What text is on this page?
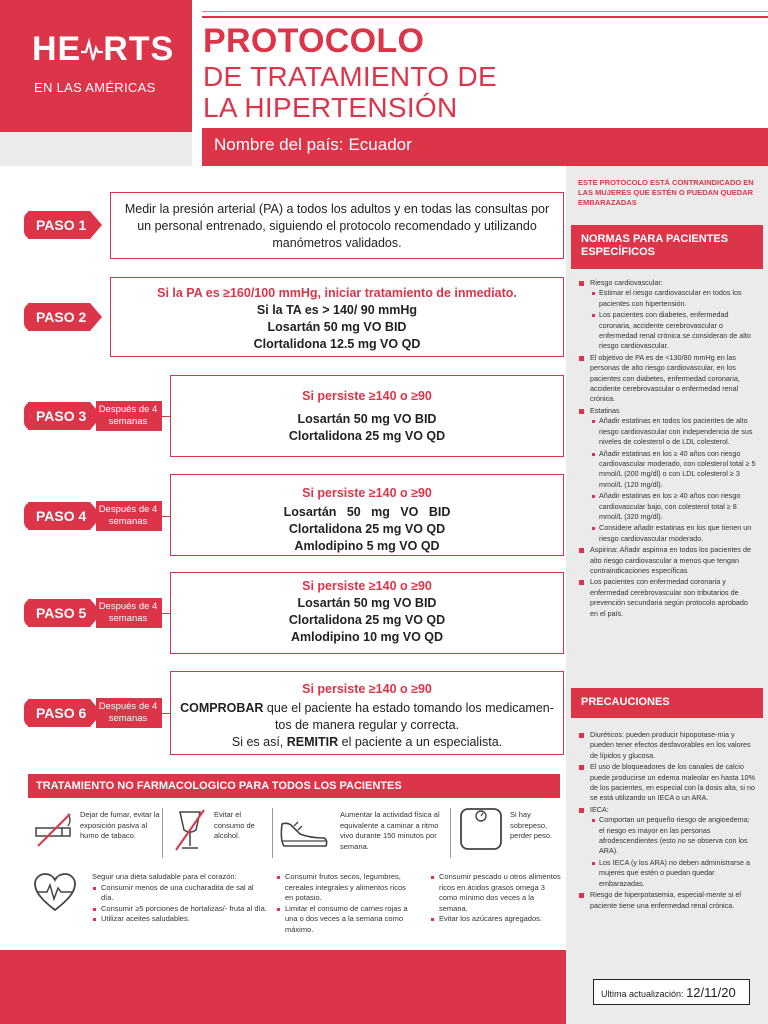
HE RTS
EN LAS AMÉRICAS
PROTOCOLO
DE TRATAMIENTO DE
LA HIPERTENSIÓN
Nombre del país: Ecuador
PASO 1
Medir la presión arterial (PA) a todos los adultos y en todas las consultas por
un personal entrenado, siguiendo el protocolo recomendado y utilizando
manómetros validados.
PASO 2
Si la PA es ≥160/100 mmHg, iniciar tratamiento de inmediato.
Si la TA es > 140/ 90 mmHg
Losartán 50 mg VO BID
Clortalidona 12.5 mg VO QD
PASO 3	Después de 4 semanas
Si persiste ≥140 o ≥90
Losartán 50 mg VO BID
Clortalidona 25 mg VO QD
PASO 4	Después de 4 semanas
Si persiste ≥140 o ≥90
Losartán   50   mg   VO   BID
Clortalidona 25 mg VO QD
Amlodipino 5 mg VO QD
PASO 5	Después de 4 semanas
Si persiste ≥140 o ≥90
Losartán 50 mg VO BID
Clortalidona 25 mg VO QD
Amlodipino 10 mg VO QD
PASO 6	Después de 4 semanas
Si persiste ≥140 o ≥90
COMPROBAR que el paciente ha estado tomando los medicamen-
tos de manera regular y correcta.
Si es así, REMITIR el paciente a un especialista.
ESTE PROTOCOLO ESTÁ CONTRAINDICADO EN LAS MUJERES QUE ESTÉN O PUEDAN QUEDAR EMBARAZADAS
NORMAS PARA PACIENTES ESPECÍFICOS
Riesgo cardiovascular:
Estimar el riesgo cardiovascular en todos los pacientes con hipertensión.
Los pacientes con diabetes, enfermedad coronaria, accidente cerebrovascular o enfermedad renal crónica se consideran de alto riesgo cardiovascular.
El objetivo de PA es de <130/80 mmHg en las personas de alto riesgo cardiovascular, en los pacientes con diabetes, enfermedad coronaria, accidente cerebrovascular o enfermedad renal crónica.
Estatinas
Añadir estatinas en todos los pacientes de alto riesgo cardiovascular con independencia de sus niveles de colesterol o de LDL colesterol.
Añadir estatinas en los ≥ 40 años con riesgo cardiovascular moderado, con colesterol total ≥ 5 mmol/L (200 mg/dl) o con LDL colesterol ≥ 3 mmol/L (120 mg/dl).
Añadir estatinas en los ≥ 40 años con riesgo cardiovascular bajo, con colesterol total ≥ 8 mmol/L (320 mg/dl).
Considere añadir estatinas en los que tienen un riesgo cardiovascular moderado.
Aspirina: Añadir aspirina en todos los pacientes de alto riesgo cardiovascular a menos que tengan contraindicaciones específicas
Los pacientes con enfermedad coronaria y enfermedad cerebrovascular son tributarios de prevención secundaria según protocolo aprobado en el país.
PRECAUCIONES
Diuréticos: pueden producir hipopotase-mia y pueden tener efectos desfavorables en los valores de lípidos y glucosa.
El uso de bloqueadores de los canales de calcio puede producirse un edema maleolar en hasta 10% de los pacientes, en especial con la dosis alta, si no se está utilizando un IECA o un ARA.
IECA:
Comportan un pequeño riesgo de angioedema; el riesgo es mayor en las personas afrodescendientes (esto no se observa con los ARA).
Los IECA (y los ARA) no deben administrarse a mujeres que estén o puedan quedar embarazadas.
Riesgo de hiperpotasemia, especial-mente si el paciente tiene una enfermedad renal crónica.
Ultima actualización: 12/11/20
TRATAMIENTO NO FARMACOLOGICO PARA TODOS LOS PACIENTES
Dejar de fumar, evitar la exposición pasiva al humo de tabaco.
Evitar el consumo de alcohol.
Aumentar la actividad física al equivalente a caminar a ritmo vivo durante 150 minutos por semana.
Si hay sobrepeso, perder peso.
Seguir una dieta saludable para el corazón:
Consumir menos de una cucharadita de sal al día.
Consumir ≥5 porciones de hortalizas/- fruta al día.
Utilizar aceites saludables.
Consumir frutos secos, legumbres, cereales integrales y alimentos ricos en potasio.
Limitar el consumo de carnes rojas a una o dos veces a la semana como máximo.
Consumir pescado u otros alimentos ricos en ácidos grasos omega 3 como mínimo dos veces a la semana.
Evitar los azúcares agregados.
